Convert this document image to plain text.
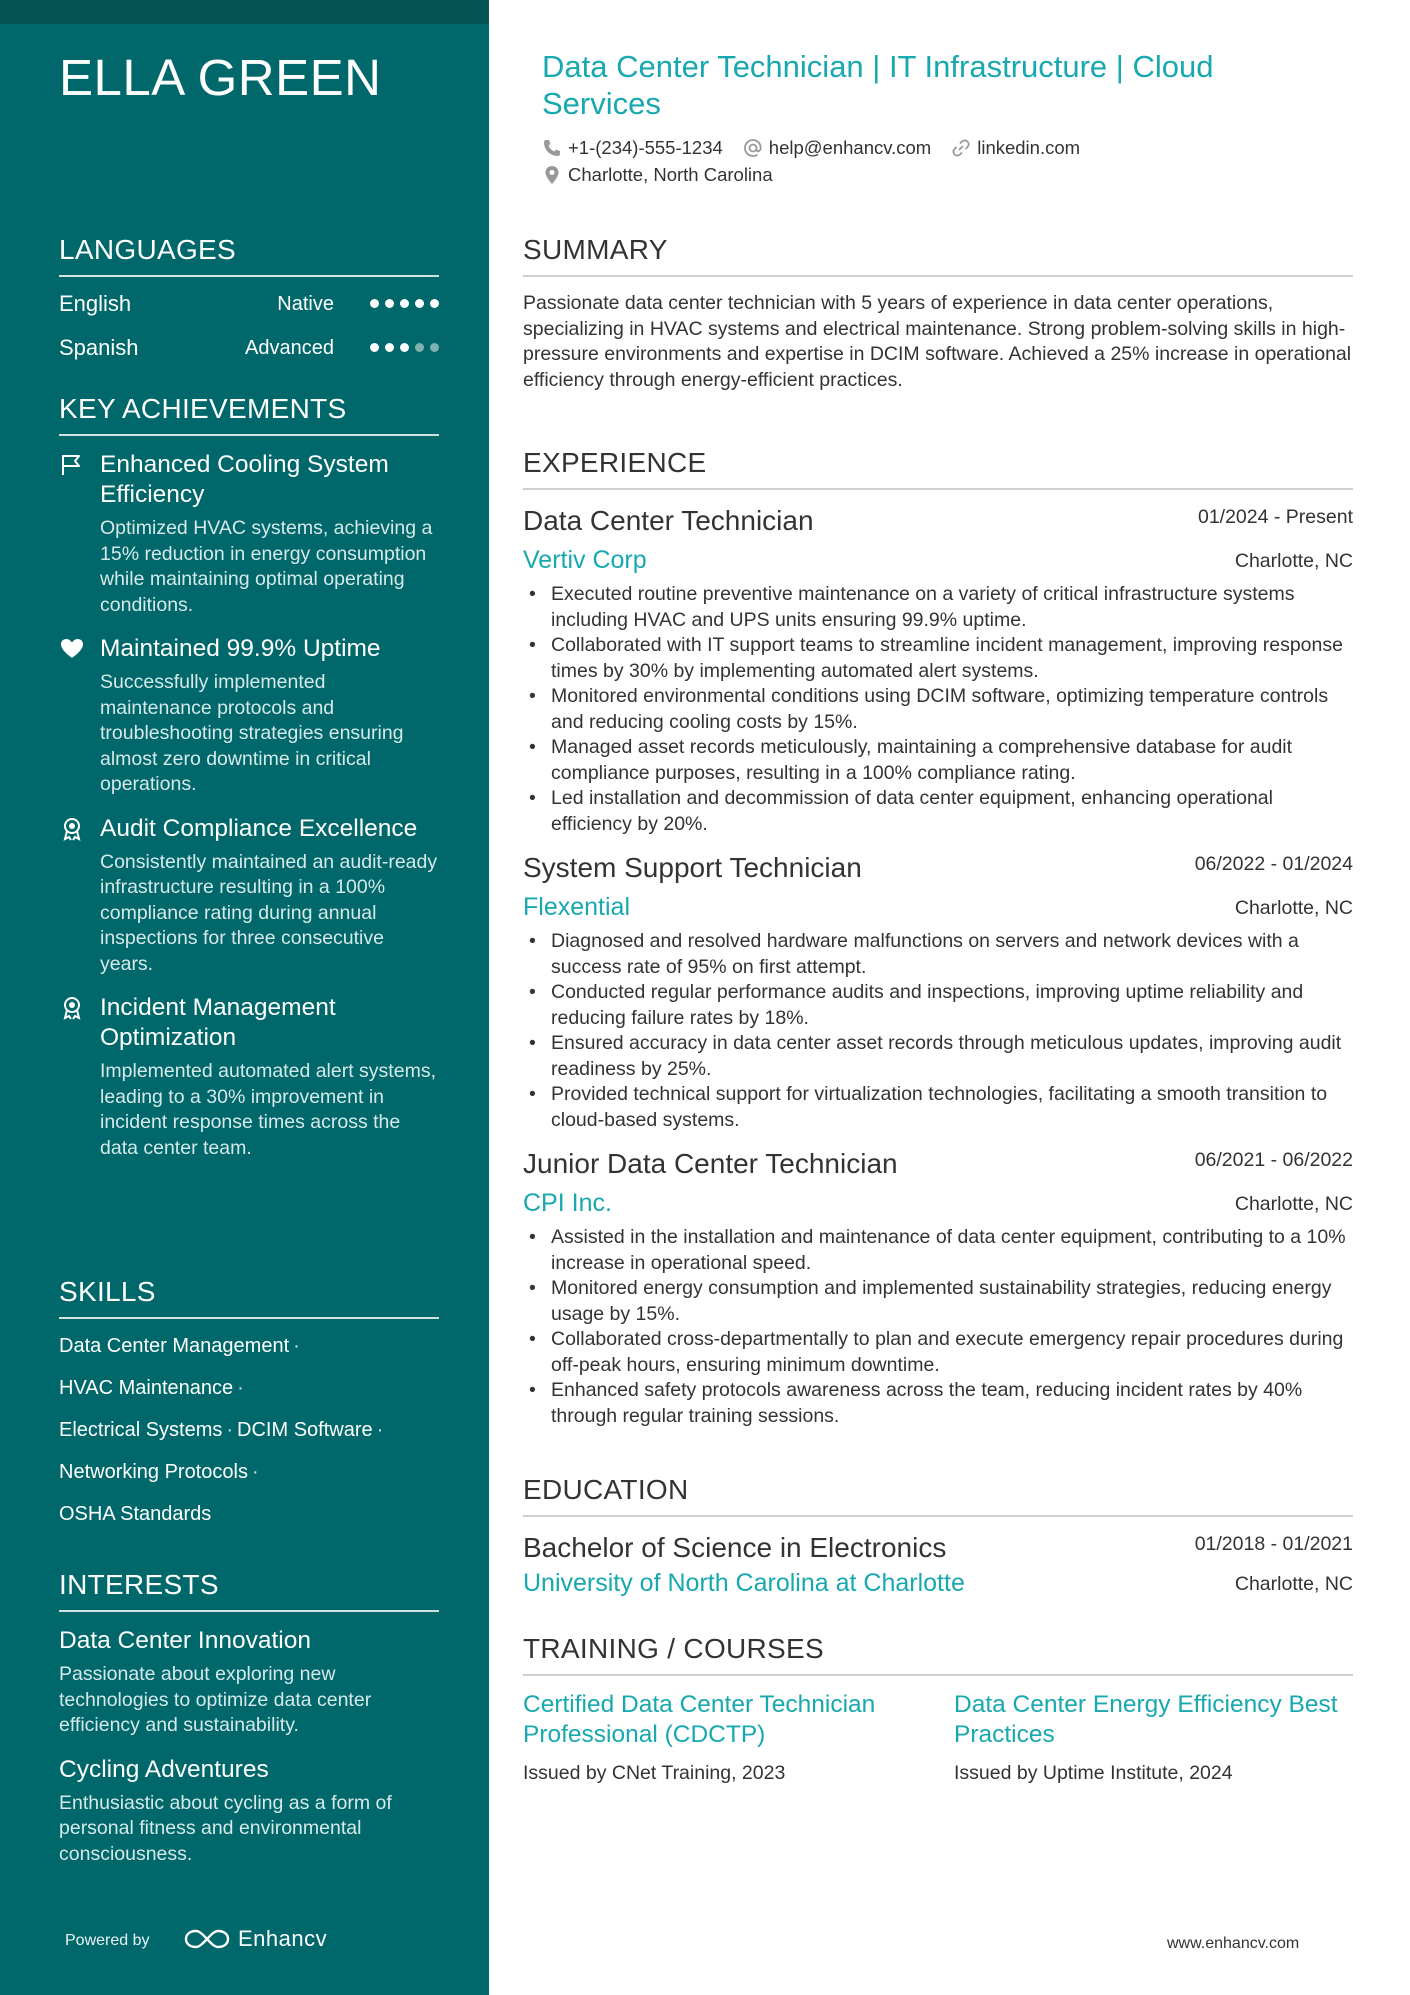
ELLA GREEN
LANGUAGES
English	Native
Spanish	Advanced
KEY ACHIEVEMENTS
Enhanced Cooling System Efficiency
Optimized HVAC systems, achieving a 15% reduction in energy consumption while maintaining optimal operating conditions.
Maintained 99.9% Uptime
Successfully implemented maintenance protocols and troubleshooting strategies ensuring almost zero downtime in critical operations.
Audit Compliance Excellence
Consistently maintained an audit-ready infrastructure resulting in a 100% compliance rating during annual inspections for three consecutive years.
Incident Management Optimization
Implemented automated alert systems, leading to a 30% improvement in incident response times across the data center team.
SKILLS
Data Center Management ·
HVAC Maintenance ·
Electrical Systems · DCIM Software ·
Networking Protocols ·
OSHA Standards
INTERESTS
Data Center Innovation
Passionate about exploring new technologies to optimize data center efficiency and sustainability.
Cycling Adventures
Enthusiastic about cycling as a form of personal fitness and environmental consciousness.
Powered by	Enhancv
Data Center Technician | IT Infrastructure | Cloud Services
+1-(234)-555-1234 help@enhancv.com linkedin.com
Charlotte, North Carolina
SUMMARY

Passionate data center technician with 5 years of experience in data center operations, specializing in HVAC systems and electrical maintenance. Strong problem-solving skills in high-pressure environments and expertise in DCIM software. Achieved a 25% increase in operational efficiency through energy-efficient practices.

EXPERIENCE
Data Center Technician	01/2024 - Present
Vertiv Corp	Charlotte, NC
• Executed routine preventive maintenance on a variety of critical infrastructure systems including HVAC and UPS units ensuring 99.9% uptime.
• Collaborated with IT support teams to streamline incident management, improving response times by 30% by implementing automated alert systems.
• Monitored environmental conditions using DCIM software, optimizing temperature controls and reducing cooling costs by 15%.
• Managed asset records meticulously, maintaining a comprehensive database for audit compliance purposes, resulting in a 100% compliance rating.
• Led installation and decommission of data center equipment, enhancing operational efficiency by 20%.
System Support Technician	06/2022 - 01/2024
Flexential	Charlotte, NC
• Diagnosed and resolved hardware malfunctions on servers and network devices with a success rate of 95% on first attempt.
• Conducted regular performance audits and inspections, improving uptime reliability and reducing failure rates by 18%.
• Ensured accuracy in data center asset records through meticulous updates, improving audit readiness by 25%.
• Provided technical support for virtualization technologies, facilitating a smooth transition to cloud-based systems.
Junior Data Center Technician	06/2021 - 06/2022
CPI Inc.	Charlotte, NC
• Assisted in the installation and maintenance of data center equipment, contributing to a 10% increase in operational speed.
• Monitored energy consumption and implemented sustainability strategies, reducing energy usage by 15%.
• Collaborated cross-departmentally to plan and execute emergency repair procedures during off-peak hours, ensuring minimum downtime.
• Enhanced safety protocols awareness across the team, reducing incident rates by 40% through regular training sessions.
EDUCATION
Bachelor of Science in Electronics	01/2018 - 01/2021
University of North Carolina at Charlotte	Charlotte, NC
TRAINING / COURSES
Certified Data Center Technician Professional (CDCTP)
Issued by CNet Training, 2023
Data Center Energy Efficiency Best Practices
Issued by Uptime Institute, 2024
www.enhancv.com
